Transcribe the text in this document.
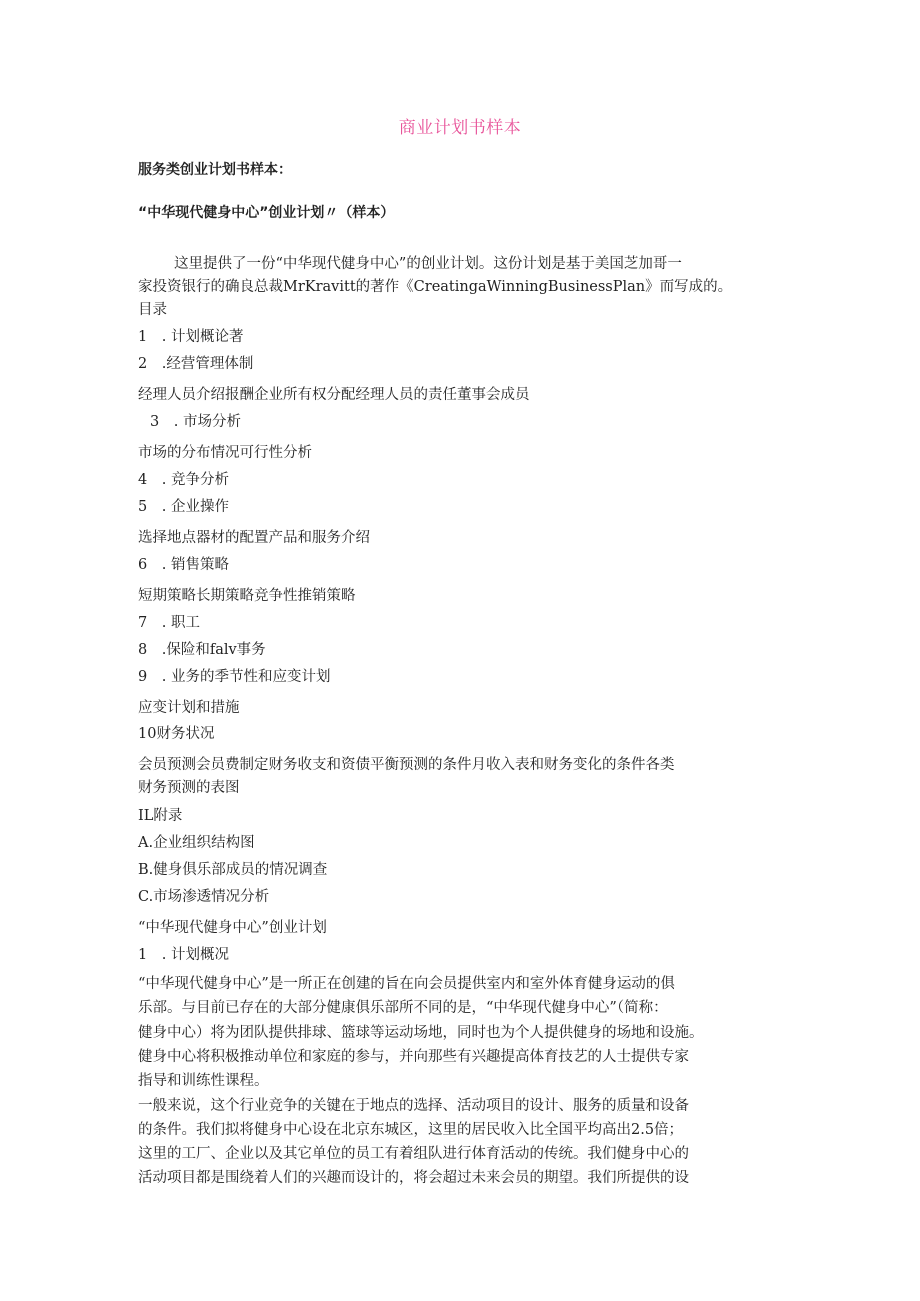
商业计划书样本
服务类创业计划书样本：
“中华现代健身中心”创业计划〃（样本）
这里提供了一份“中华现代健身中心”的创业计划。这份计划是基于美国芝加哥一
家投资银行的确良总裁MrKravitt的著作《CreatingaWinningBusinessPlan》而写成的。
目录
1　. 计划概论著
2　.经营管理体制
经理人员介绍报酬企业所有权分配经理人员的责任董事会成员
3　. 市场分析
市场的分布情况可行性分析
4　. 竞争分析
5　. 企业操作
选择地点器材的配置产品和服务介绍
6　. 销售策略
短期策略长期策略竞争性推销策略
7　. 职工
8　.保险和falv事务
9　. 业务的季节性和应变计划
应变计划和措施
10财务状况
会员预测会员费制定财务收支和资债平衡预测的条件月收入表和财务变化的条件各类
财务预测的表图
IL附录
A.企业组织结构图
B.健身俱乐部成员的情况调查
C.市场渗透情况分析
“中华现代健身中心”创业计划
1　. 计划概况
“中华现代健身中心”是一所正在创建的旨在向会员提供室内和室外体育健身运动的俱
乐部。与目前已存在的大部分健康俱乐部所不同的是，“中华现代健身中心”（简称：
健身中心）将为团队提供排球、篮球等运动场地，同时也为个人提供健身的场地和设施。
健身中心将积极推动单位和家庭的参与，并向那些有兴趣提高体育技艺的人士提供专家
指导和训练性课程。
一般来说，这个行业竞争的关键在于地点的选择、活动项目的设计、服务的质量和设备
的条件。我们拟将健身中心设在北京东城区，这里的居民收入比全国平均高出2.5倍；
这里的工厂、企业以及其它单位的员工有着组队进行体育活动的传统。我们健身中心的
活动项目都是围绕着人们的兴趣而设计的，将会超过未来会员的期望。我们所提供的设
